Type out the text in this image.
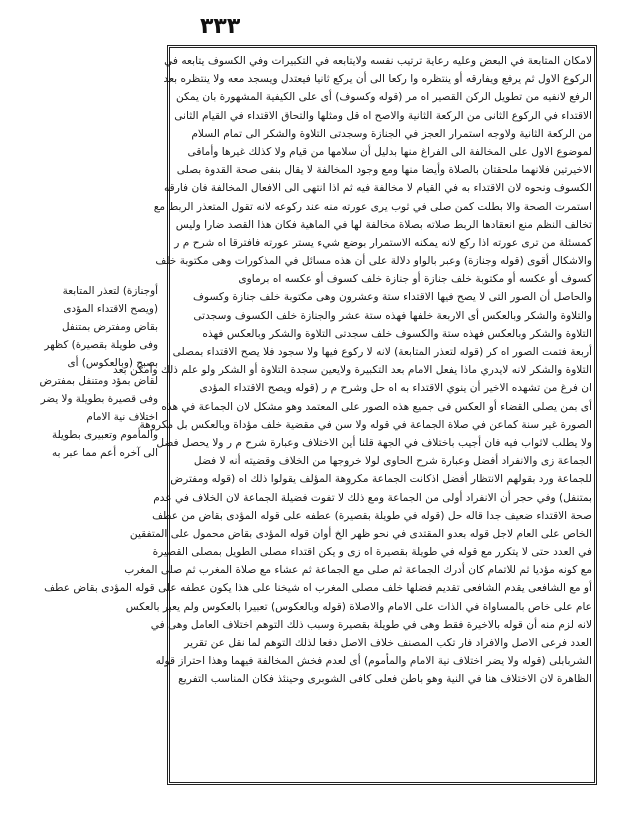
٣٣٣
لامكان المتابعة في البعض وعليه رعاية ترتيب نفسه ولايتابعه في التكبيرات وفي الكسوف يتابعه في
الركوع الاول ثم يرفع ويفارقه أو ينتظره وا ركعا الى أن يركع ثانيا فيعتدل ويسجد معه ولا ينتظره بعد
الرفع لانفيه من تطويل الركن القصير اه مر (قوله وكسوف) أى على الكيفية المشهورة بان يمكن
الاقتداء في الركوع الثانى من الركعة الثانية والاصح اه قل ومثلها والتحاق الاقتداء في القيام الثانى
من الركعة الثانية ولاوجه استمرار العجز في الجنازة وسجدتى التلاوة والشكر الى تمام السلام
لموضوع الاول على المخالفة الى الفراغ منها بدليل أن سلامها من قيام ولا كذلك غيرها وأماقى
الاخيرتين فلانهما ملحقتان بالصلاة وأيضا منها ومع وجود المخالفة لا يقال بنفى صحة القدوة بصلى
الكسوف ونحوه لان الاقتداء به في القيام لا مخالفة فيه ثم اذا انتهى الى الافعال المخالفة فان فارقه
استمرت الصحة والا بطلت كمن صلى في ثوب يرى عورته منه عند ركوعه لانه تقول المتعذر الربط مع
تخالف النظم منع انعقادها الربط صلاته بصلاة مخالفة لها في الماهية فكان هذا القصد ضارا وليس
كمسئلة من ترى عورته اذا ركع لانه يمكنه الاستمرار بوضع شيء يستر عورته فافترقا اه شرح م ر
والاشكال أقوى (قوله وجنازة) وعبر بالواو دلالة على أن هذه مسائل في المذكورات وهى مكتوبة خلف
كسوف أو عكسه أو مكتوبة خلف جنازة أو جنازة خلف كسوف أو عكسه اه برماوى
والحاصل أن الصور التى لا يصح فيها الاقتداء ستة وعشرون وهى مكتوبة خلف جنازة وكسوف
والتلاوة والشكر وبالعكس أى الاربعة خلفها فهذه ستة عشر والجنازة خلف الكسوف وسجدتى
التلاوة والشكر وبالعكس فهذه ستة والكسوف خلف سجدتى التلاوة والشكر وبالعكس فهذه
أربعة فتمت الصور اه كر (قوله لتعذر المتابعة) لانه لا ركوع فيها ولا سجود فلا يصح الاقتداء بمصلى
التلاوة والشكر لانه لايدري ماذا يفعل الامام بعد التكبيرة ولايعين سجدة التلاوة أو الشكر ولو علم ذلك وأمكن بعد
ان فرغ من تشهده الاخير أن ينوي الاقتداء به اه حل وشرح م ر (قوله ويصح الاقتداء المؤدى
أى بمن يصلى القضاء أو العكس فى جميع هذه الصور على المعتمد وهو مشكل لان الجماعة في هذه
الصورة غير سنة كماعن في صلاة الجماعة في قوله ولا سن في مقضية خلف مؤداة وبالعكس بل مكروهة
ولا يطلب لاثواب فيه فان أجيب باختلاف في الجهة قلنا أين الاختلاف وعبارة شرح م ر ولا يحصل فضل
الجماعة زى والانفراد أفضل وعبارة شرح الحاوى لولا خروجها من الخلاف وقضيته أنه لا فضل
للجماعة ورد بقولهم الانتظار أفضل اذكانت الجماعة مكروهة المؤلف يقولوا ذلك اه (قوله ومفترض
بمتنفل) وفي حجر أن الانفراد أولى من الجماعة ومع ذلك لا تفوت فضيلة الجماعة لان الخلاف في عدم
صحة الاقتداء ضعيف جدا قاله حل (قوله في طويلة بقصيرة) عطفه على قوله المؤدى بقاض من عطف
الخاص على العام لاجل قوله بعدو المقتدى في نحو ظهر الخ أوان قوله المؤدى بقاض محمول على المتفقين
في العدد حتى لا يتكرر مع قوله في طويلة بقصيرة اه زى و يكن اقتداء مصلى الطويل بمصلى القصيرة
مع كونه مؤديا ثم للاتمام كان أدرك الجماعة ثم صلى مع الجماعة ثم عشاء مع صلاة المغرب ثم صلى المغرب
أو مع الشافعى يقدم الشافعى تقديم فضلها خلف مصلى المغرب اه شيخنا على هذا يكون عطفه على قوله المؤدى بقاض عطف
عام على خاص بالمساواة في الذات على الامام والاصلاة (قوله وبالعكوس) تعبيرا بالعكوس ولم يعبر بالعكس
لانه لزم منه أن قوله بالاخيرة فقط وهى في طويلة بقصيرة وسبب ذلك التوهم اختلاف العامل وهى في
العدد فرعى الاصل والافراد فار تكب المصنف خلاف الاصل دفعا لذلك التوهم لما نقل عن تقرير
الشربابلى (قوله ولا يضر اختلاف نية الامام والمأموم) أى لعدم فخش المخالفة فيهما وهذا احتراز قوله
الظاهرة لان الاختلاف هنا في النية وهو باطن فعلى كافى الشوبرى وحينئذ فكان المناسب التفريع
أوجنازة) لتعذر المتابعة
(ويصح الاقتداء المؤدى
بقاض ومفترض بمتنفل
وفى طويلة بقصيرة) كظهر
بصبح (وبالعكوس) أى
لقاض بمؤد ومتنفل بمفترض
وفى قصيرة بطويلة ولا يضر
اختلاف نية الامام
والمأموم وتعبيرى بطويلة
الى آخره أعم مما عبر به
